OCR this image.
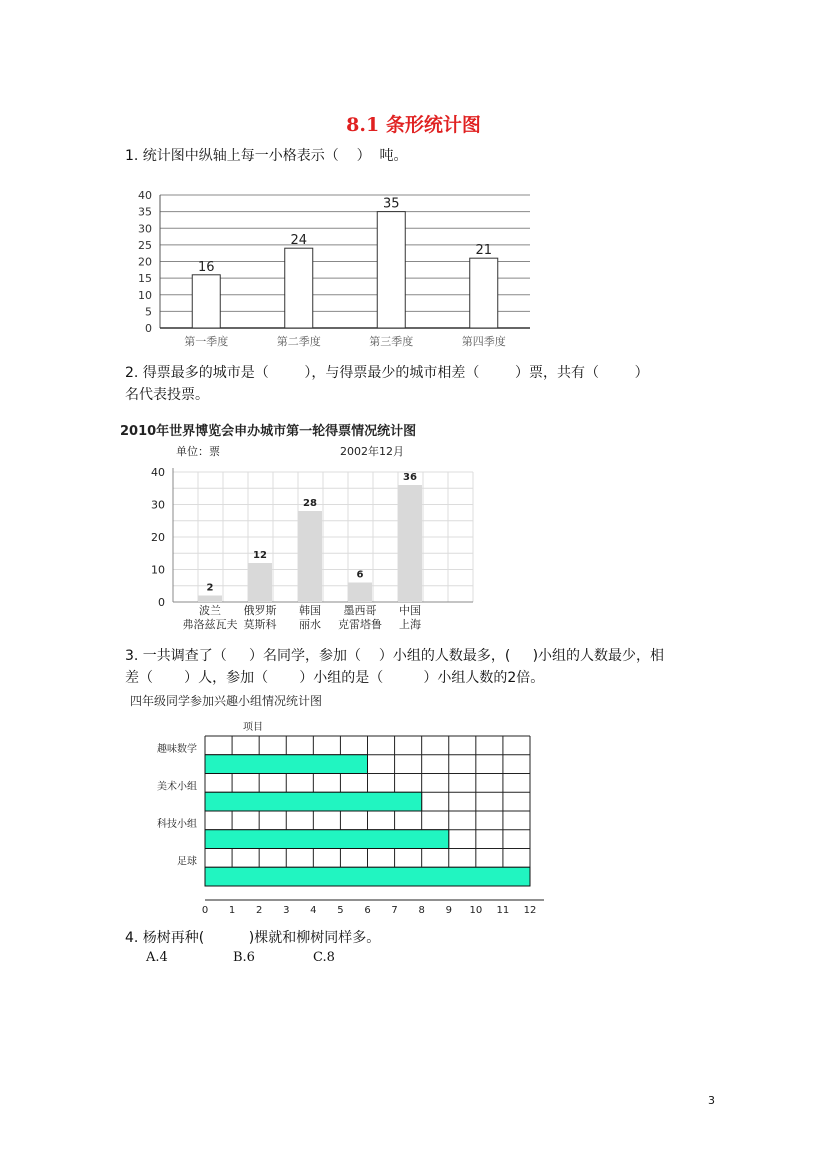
8.1 条形统计图
1. 统计图中纵轴上每一小格表示（    ）  吨。
0
5
10
15
20
25
30
35
40
16
第一季度
24
第二季度
35
第三季度
21
第四季度
2. 得票最多的城市是（        ），与得票最少的城市相差（        ）票，共有（        ）
名代表投票。
2010年世界博览会申办城市第一轮得票情况统计图
单位：票	2002年12月
0
10
20
30
40
2
波兰
弗洛兹瓦夫
12
俄罗斯
莫斯科
28
韩国
丽水
6
墨西哥
克雷塔鲁
36
中国
上海
3. 一共调查了（     ）名同学，参加（    ）小组的人数最多，(     )小组的人数最少，相
差（       ）人，参加（       ）小组的是（         ）小组人数的2倍。
四年级同学参加兴趣小组情况统计图
项目
0 1 2 3 4 5 6 7 8 9 10 11 12
趣味数学
美术小组
科技小组
足球
4. 杨树再种(          )棵就和柳树同样多。
A.4	B.6	C.8
3
